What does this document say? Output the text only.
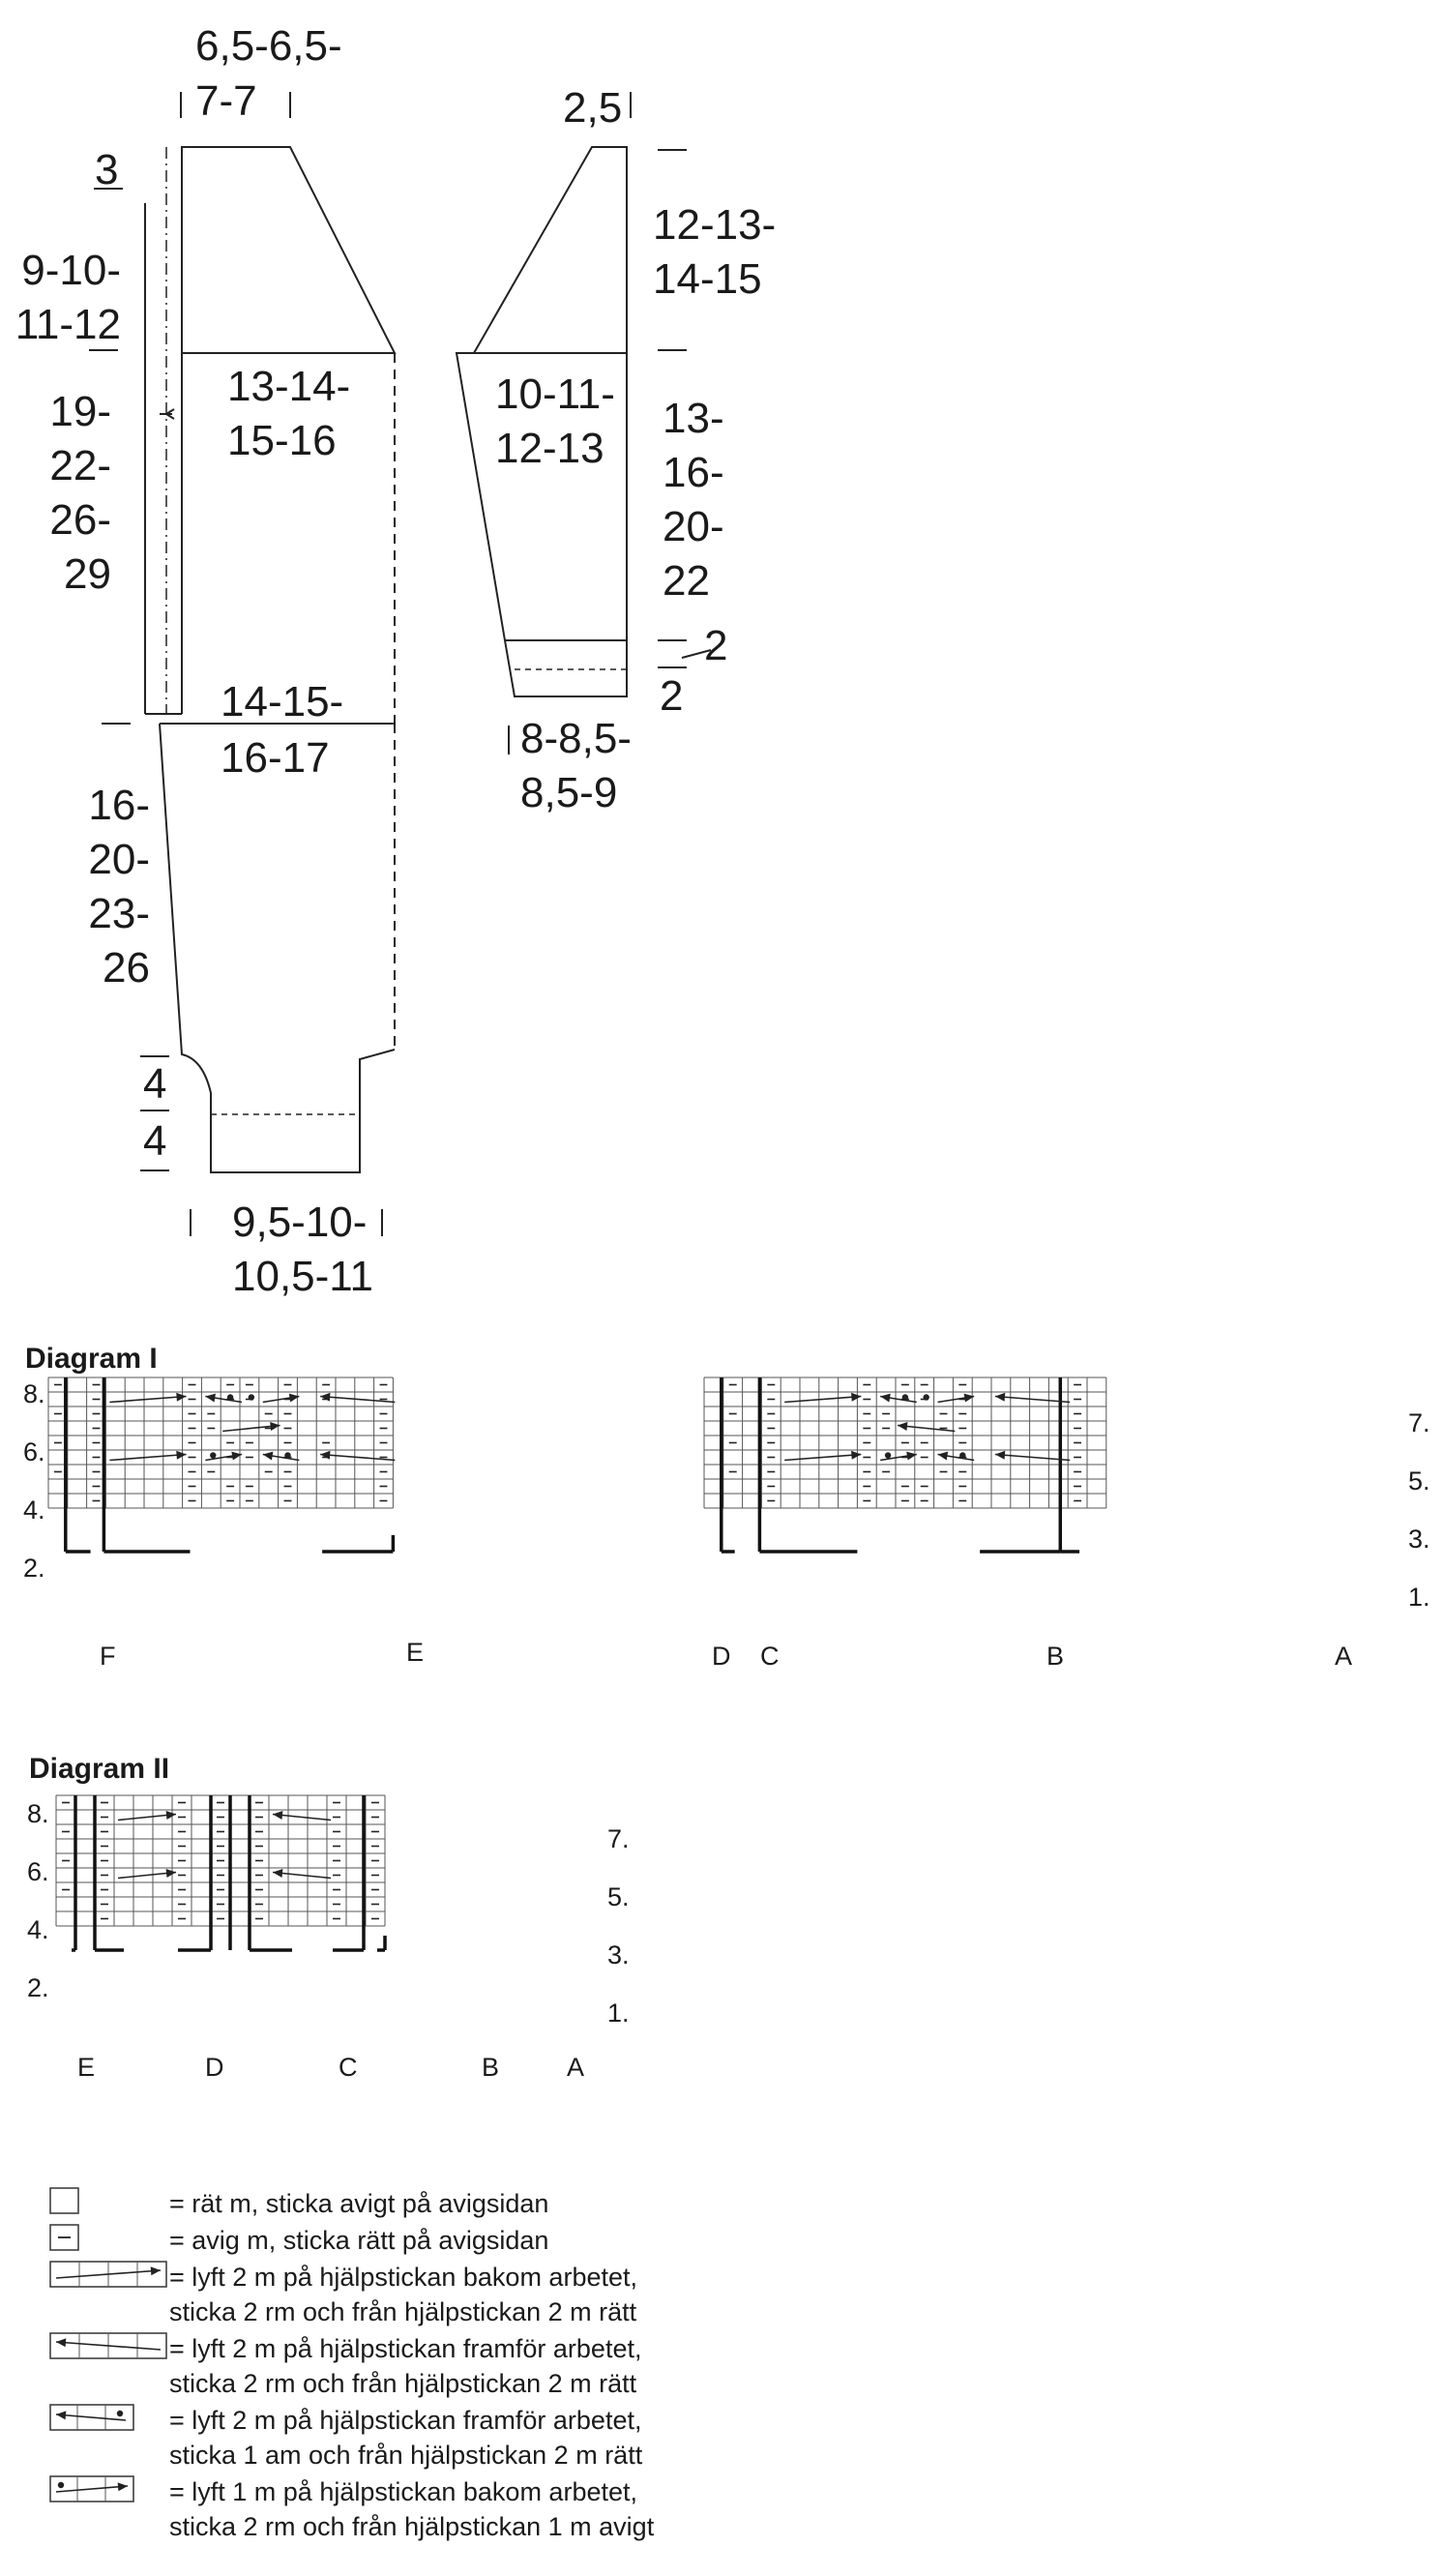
6,5-6,5-
7-7	2,5
3
9-10-
11-12
19-
22-
26-
29
13-14-
15-16
14-15-
16-17
16-
20-
23-
26
4
4
9,5-10-
10,5-11
12-13-
14-15
10-11-
12-13
13-
16-
20-
22
2
2
8-8,5-
8,5-9
Diagram I
8.
6.
4.
2.
7.
5.
3.
1.
F	E	D C	B	A
Diagram II
8.
6.
4.
2.
7.
5.
3.
1.
E	D	C	B	A
= rät m, sticka avigt på avigsidan
= avig m, sticka rätt på avigsidan
= lyft 2 m på hjälpstickan bakom arbetet,
sticka 2 rm och från hjälpstickan 2 m rätt
= lyft 2 m på hjälpstickan framför arbetet,
sticka 2 rm och från hjälpstickan 2 m rätt
= lyft 2 m på hjälpstickan framför arbetet,
sticka 1 am och från hjälpstickan 2 m rätt
= lyft 1 m på hjälpstickan bakom arbetet,
sticka 2 rm och från hjälpstickan 1 m avigt
